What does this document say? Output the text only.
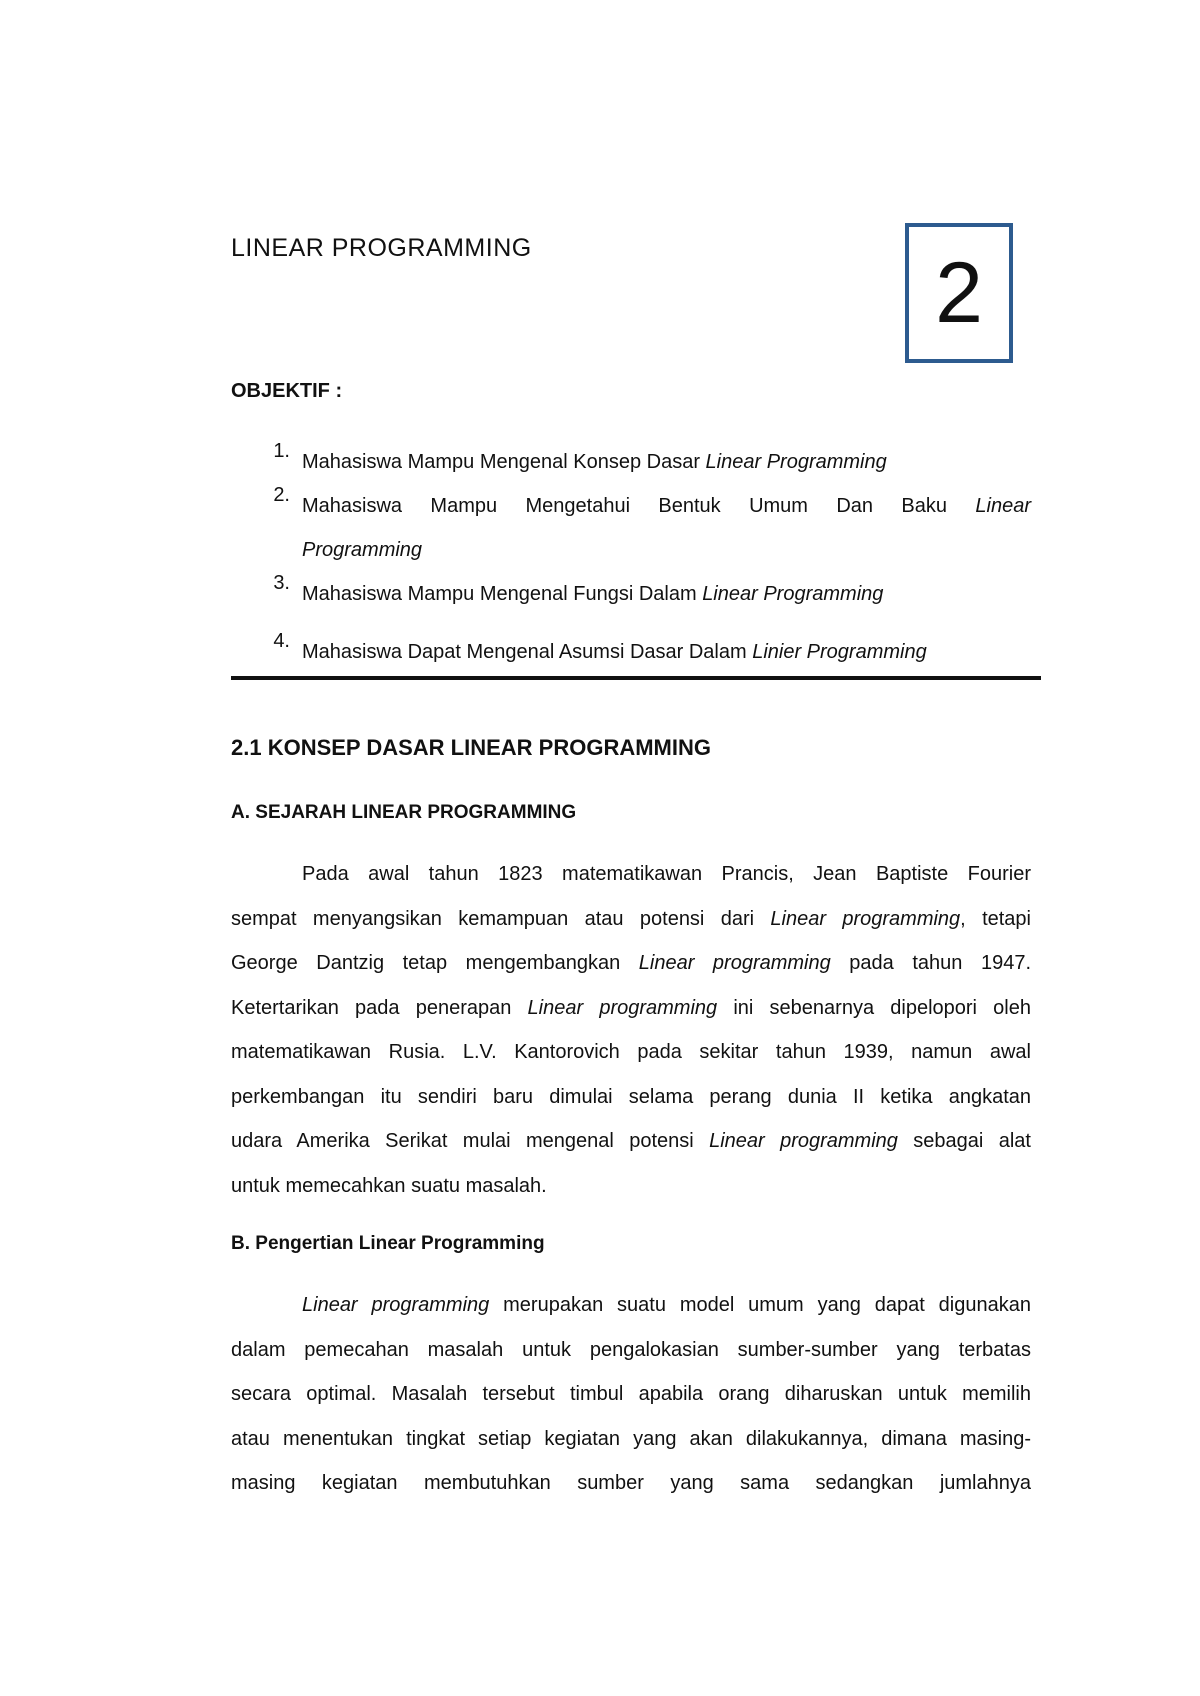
LINEAR PROGRAMMING	2
OBJEKTIF :
1. Mahasiswa Mampu Mengenal Konsep Dasar Linear Programming
2. Mahasiswa Mampu Mengetahui Bentuk Umum Dan Baku Linear
Programming
3. Mahasiswa Mampu Mengenal Fungsi Dalam Linear Programming
4. Mahasiswa Dapat Mengenal Asumsi Dasar Dalam Linier Programming
2.1 KONSEP DASAR LINEAR PROGRAMMING
A. SEJARAH LINEAR PROGRAMMING
Pada awal tahun 1823 matematikawan Prancis, Jean Baptiste Fourier
sempat menyangsikan kemampuan atau potensi dari Linear programming, tetapi
George Dantzig tetap mengembangkan Linear programming pada tahun 1947.
Ketertarikan pada penerapan Linear programming ini sebenarnya dipelopori oleh
matematikawan Rusia. L.V. Kantorovich pada sekitar tahun 1939, namun awal
perkembangan itu sendiri baru dimulai selama perang dunia II ketika angkatan
udara Amerika Serikat mulai mengenal potensi Linear programming sebagai alat
untuk memecahkan suatu masalah.
B. Pengertian Linear Programming
Linear programming merupakan suatu model umum yang dapat digunakan
dalam pemecahan masalah untuk pengalokasian sumber-sumber yang terbatas
secara optimal. Masalah tersebut timbul apabila orang diharuskan untuk memilih
atau menentukan tingkat setiap kegiatan yang akan dilakukannya, dimana masing-
masing kegiatan membutuhkan sumber yang sama sedangkan jumlahnya
